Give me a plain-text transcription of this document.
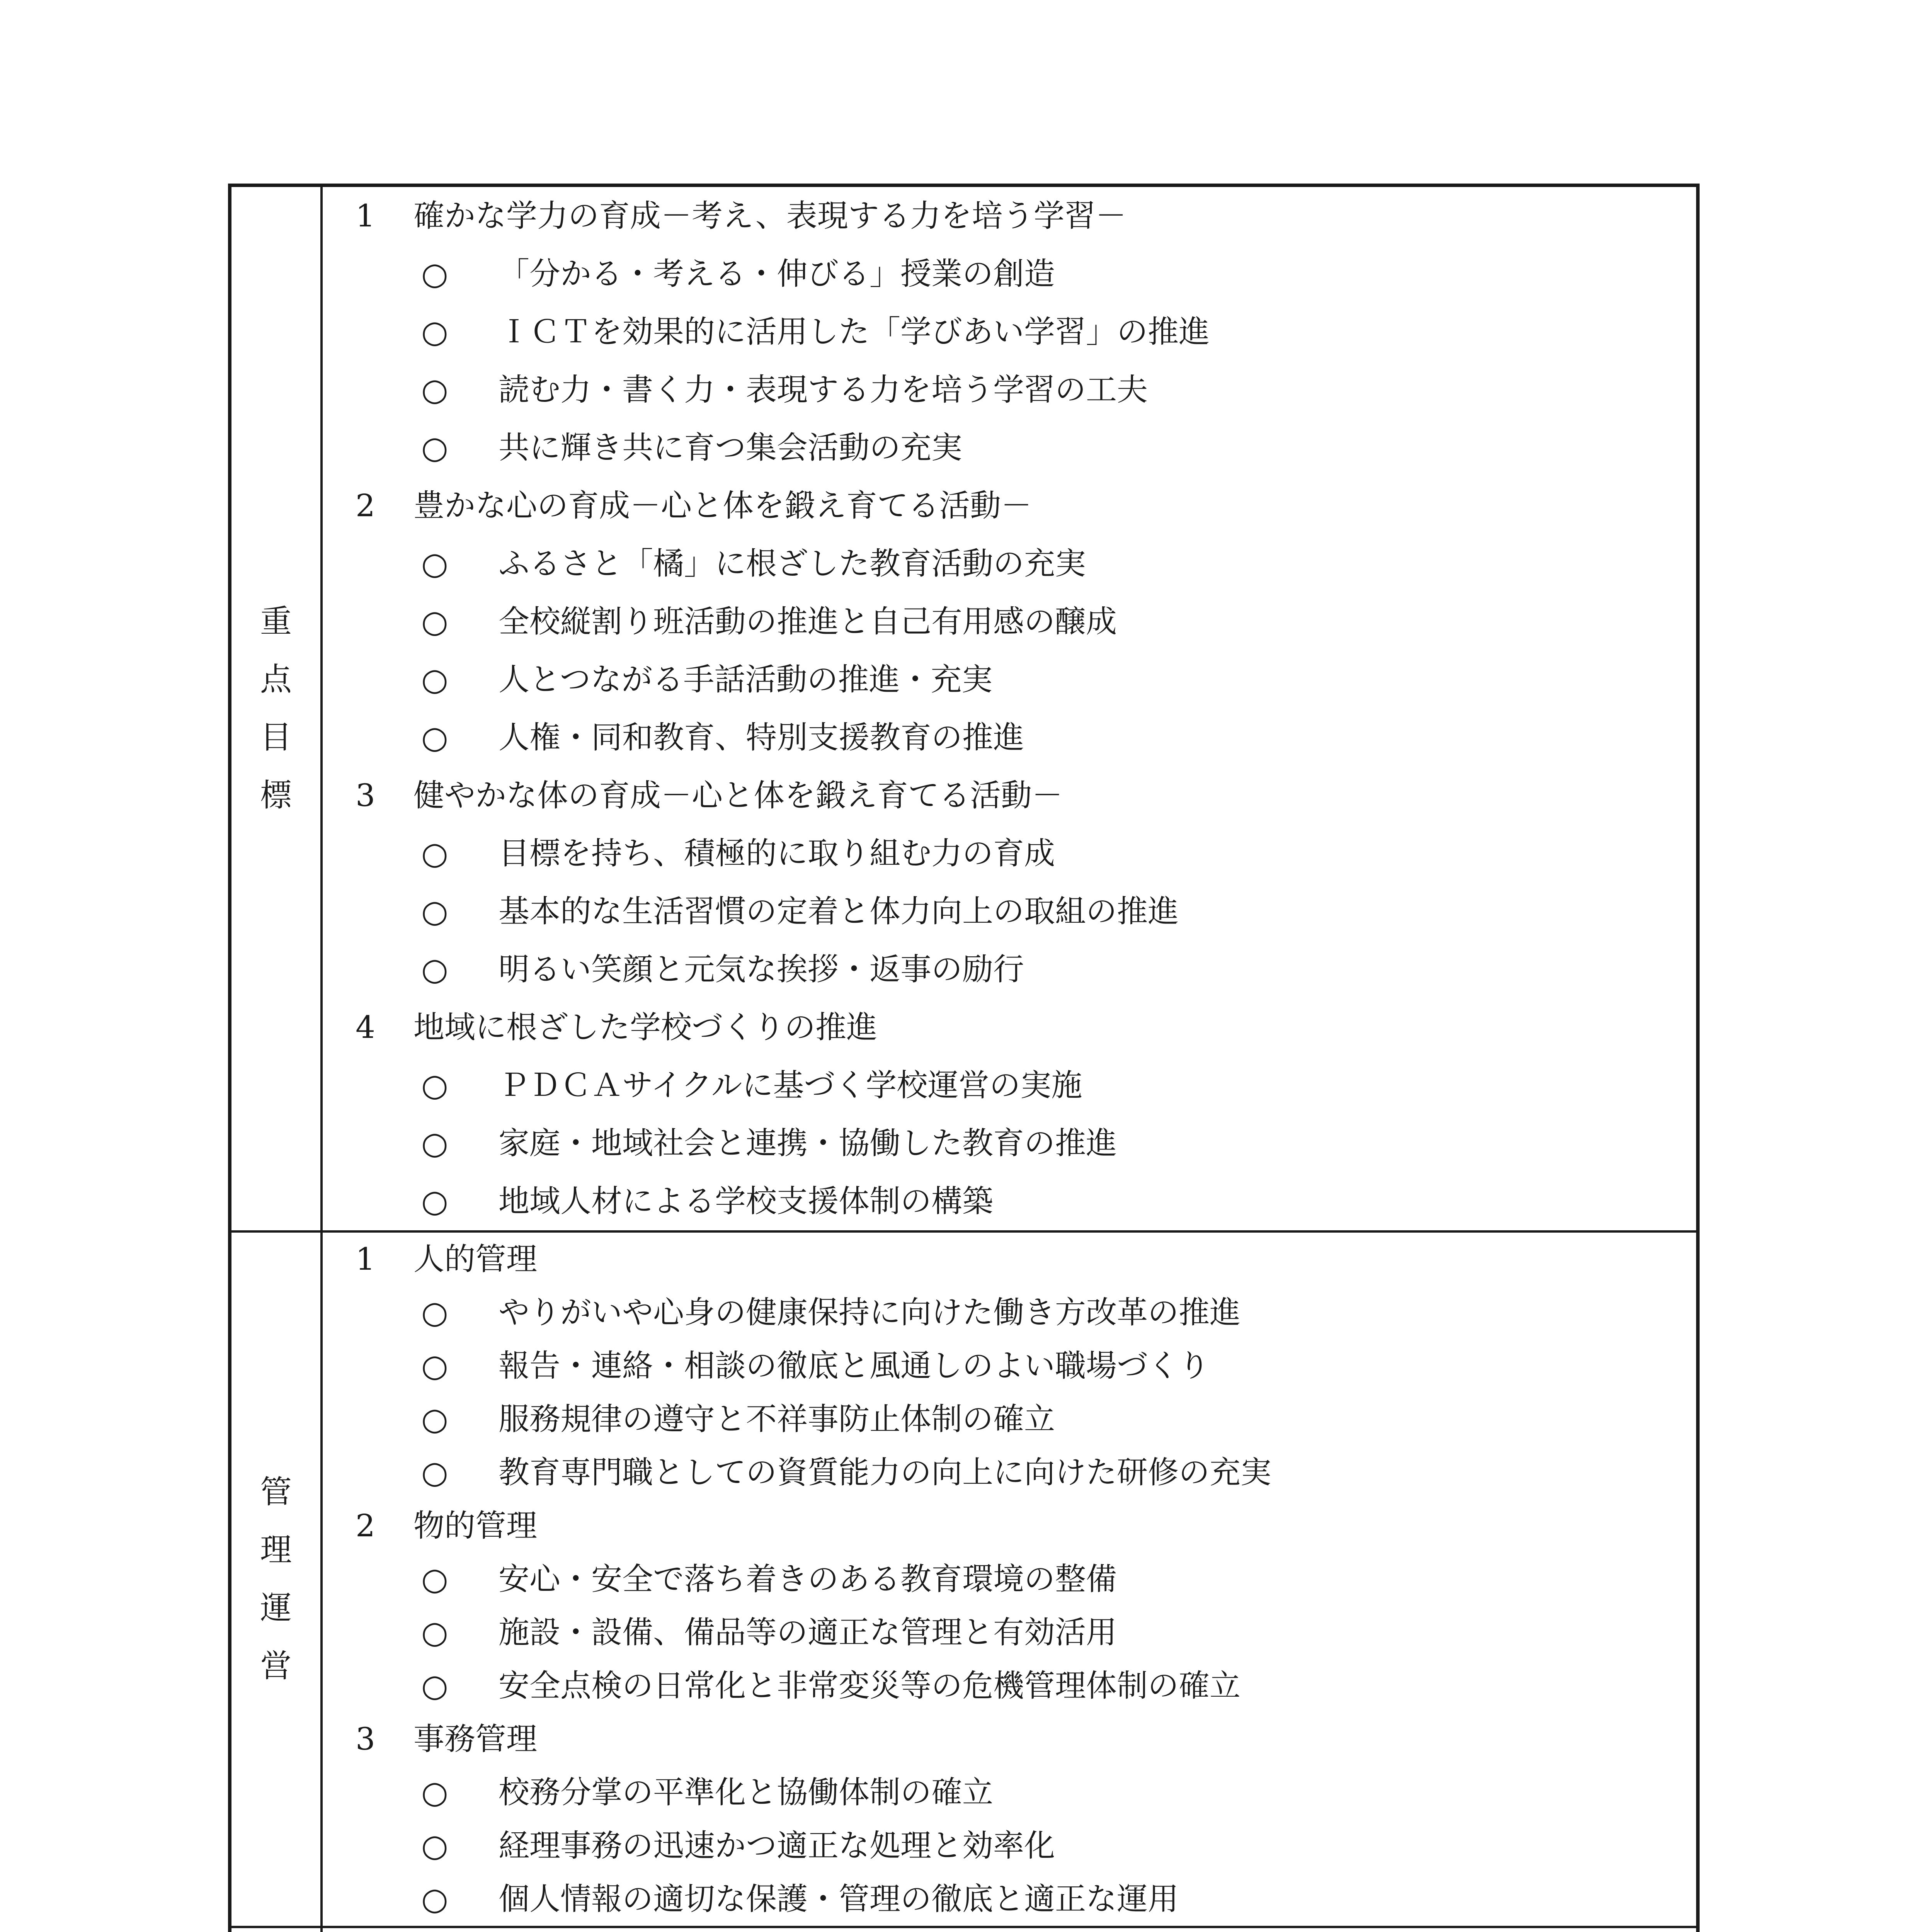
重
点
目
標
1 確かな学力の育成－考え、表現する力を培う学習－
○ 「分かる・考える・伸びる」授業の創造
○ ＩＣＴを効果的に活用した「学びあい学習」の推進
○ 読む力・書く力・表現する力を培う学習の工夫
○ 共に輝き共に育つ集会活動の充実
2 豊かな心の育成－心と体を鍛え育てる活動－
○ ふるさと「橘」に根ざした教育活動の充実
○ 全校縦割り班活動の推進と自己有用感の醸成
○ 人とつながる手話活動の推進・充実
○ 人権・同和教育、特別支援教育の推進
3 健やかな体の育成－心と体を鍛え育てる活動－
○ 目標を持ち、積極的に取り組む力の育成
○ 基本的な生活習慣の定着と体力向上の取組の推進
○ 明るい笑顔と元気な挨拶・返事の励行
4 地域に根ざした学校づくりの推進
○ ＰＤＣＡサイクルに基づく学校運営の実施
○ 家庭・地域社会と連携・協働した教育の推進
○ 地域人材による学校支援体制の構築
管
理
運
営
1 人的管理
○ やりがいや心身の健康保持に向けた働き方改革の推進
○ 報告・連絡・相談の徹底と風通しのよい職場づくり
○ 服務規律の遵守と不祥事防止体制の確立
○ 教育専門職としての資質能力の向上に向けた研修の充実
2 物的管理
○ 安心・安全で落ち着きのある教育環境の整備
○ 施設・設備、備品等の適正な管理と有効活用
○ 安全点検の日常化と非常変災等の危機管理体制の確立
3 事務管理
○ 校務分掌の平準化と協働体制の確立
○ 経理事務の迅速かつ適正な処理と効率化
○ 個人情報の適切な保護・管理の徹底と適正な運用
